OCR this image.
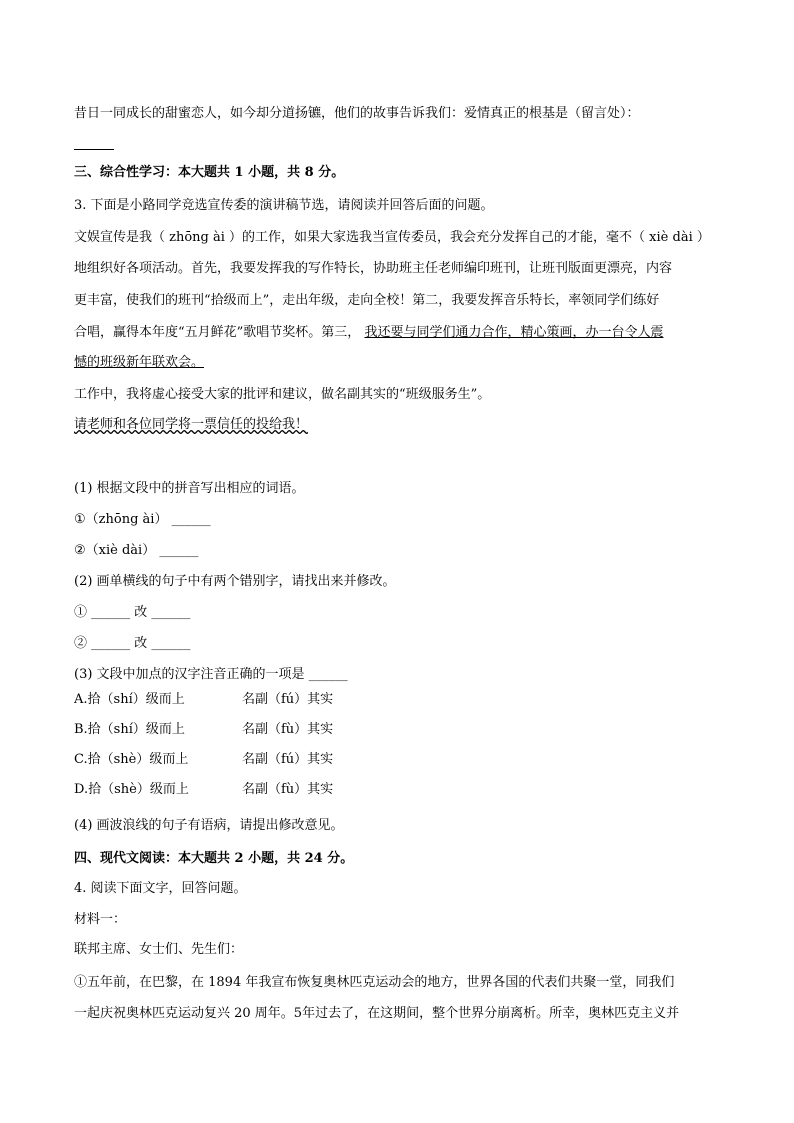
昔日一同成长的甜蜜恋人，如今却分道扬镳，他们的故事告诉我们：爱情真正的根基是（留言处）：
三、综合性学习：本大题共 1 小题，共 8 分。
3. 下面是小路同学竞选宣传委的演讲稿节选，请阅读并回答后面的问题。
文娱宣传是我（ zhōng ài ）的工作，如果大家选我当宣传委员，我会充分发挥自己的才能，毫不（ xiè dài ）
地组织好各项活动。首先，我要发挥我的写作特长，协助班主任老师编印班刊，让班刊版面更漂亮，内容
更丰富，使我们的班刊“拾级而上”，走出年级，走向全校！第二，我要发挥音乐特长，率领同学们练好
合唱，赢得本年度“五月鲜花”歌唱节奖杯。第三， 我还要与同学们通力合作，精心策画，办一台令人震
憾的班级新年联欢会。
工作中，我将虚心接受大家的批评和建议，做名副其实的“班级服务生”。
请老师和各位同学将一票信任的投给我！
(1) 根据文段中的拼音写出相应的词语。
①（zhōng ài） ______
②（xiè dài） ______
(2) 画单横线的句子中有两个错别字，请找出来并修改。
① ______ 改 ______
② ______ 改 ______
(3) 文段中加点的汉字注音正确的一项是 ______
A.拾（shí）级而上	名副（fú）其实
B.拾（shí）级而上	名副（fù）其实
C.拾（shè）级而上	名副（fú）其实
D.拾（shè）级而上	名副（fù）其实
(4) 画波浪线的句子有语病，请提出修改意见。
四、现代文阅读：本大题共 2 小题，共 24 分。
4. 阅读下面文字，回答问题。
材料一：
联邦主席、女士们、先生们：
①五年前，在巴黎，在 1894 年我宣布恢复奥林匹克运动会的地方，世界各国的代表们共聚一堂，同我们
一起庆祝奥林匹克运动复兴 20 周年。5年过去了，在这期间，整个世界分崩离析。所幸，奥林匹克主义并
